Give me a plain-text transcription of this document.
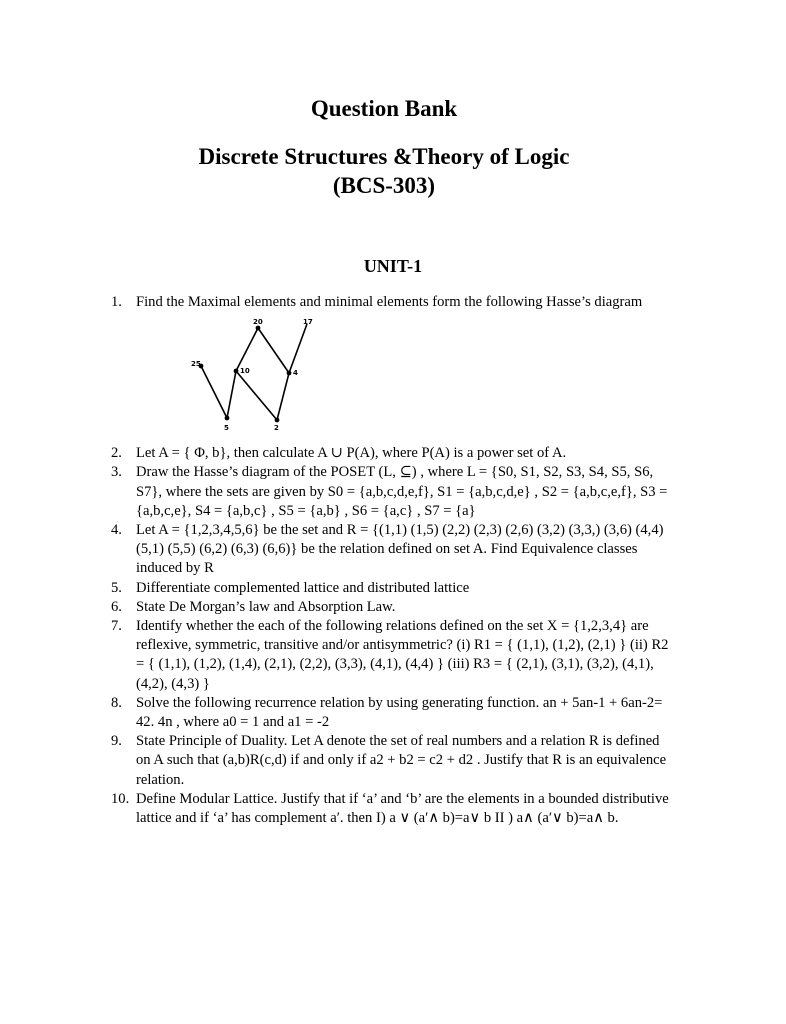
Question Bank
Discrete Structures &Theory of Logic
(BCS-303)
UNIT-1
1. Find the Maximal elements and minimal elements form the following Hasse’s diagram
20	17
25
10	4
5	2
2. Let A = { Φ, b}, then calculate A ∪ P(A), where P(A) is a power set of A.
3. Draw the Hasse’s diagram of the POSET (L, ⊆) , where L = {S0, S1, S2, S3, S4, S5, S6, S7}, where the sets are given by S0 = {a,b,c,d,e,f}, S1 = {a,b,c,d,e} , S2 = {a,b,c,e,f}, S3 = {a,b,c,e}, S4 = {a,b,c} , S5 = {a,b} , S6 = {a,c} , S7 = {a}
4. Let A = {1,2,3,4,5,6} be the set and R = {(1,1) (1,5) (2,2) (2,3) (2,6) (3,2) (3,3,) (3,6) (4,4) (5,1) (5,5) (6,2) (6,3) (6,6)} be the relation defined on set A. Find Equivalence classes induced by R
5. Differentiate complemented lattice and distributed lattice
6. State De Morgan’s law and Absorption Law.
7. Identify whether the each of the following relations defined on the set X = {1,2,3,4} are reflexive, symmetric, transitive and/or antisymmetric? (i) R1 = { (1,1), (1,2), (2,1) } (ii) R2 = { (1,1), (1,2), (1,4), (2,1), (2,2), (3,3), (4,1), (4,4) } (iii) R3 = { (2,1), (3,1), (3,2), (4,1), (4,2), (4,3) }
8. Solve the following recurrence relation by using generating function. an + 5an-1 + 6an-2= 42. 4n , where a0 = 1 and a1 = -2
9. State Principle of Duality. Let A denote the set of real numbers and a relation R is defined on A such that (a,b)R(c,d) if and only if a2 + b2 = c2 + d2 . Justify that R is an equivalence relation.
10. Define Modular Lattice. Justify that if ‘a’ and ‘b’ are the elements in a bounded distributive lattice and if ‘a’ has complement a′. then I) a ∨ (a′∧ b)=a∨ b II ) a∧ (a′∨ b)=a∧ b.
